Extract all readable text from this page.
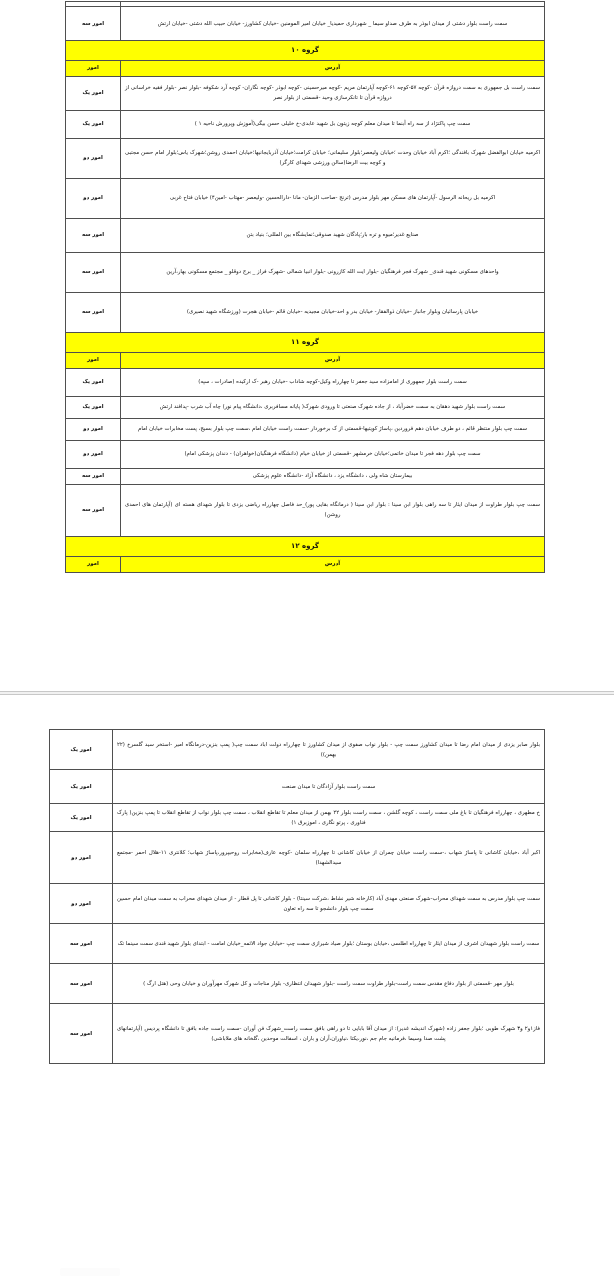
سمت راست بلوار دشتی از میدان ابوذر به طرف صداو سیما _ شهرداری حمیدیا_ خیابان امیر المومنین -خیابان کشاورز- خیابان حبیب الله دشتی -خیابان ارتش	امور سه
گروه ۱۰	
آدرس	امور
سمت راست بل جمهوری به سمت دروازه قرآن -کوچه ۵۷-کوچه ۶۱-کوچه آپارتمان مریم -کوچه میرحسینی -کوچه ابوذر -کوچه نگاران- کوچه آرد شکوفه -بلوار نصر -بلوار فقیه خراسانی از دروازه قرآن تا تانکرسازی وحید -قسمتی از بلوار نصر	امور یک
سمت چپ پاکنژاد از سه راه آبنما تا میدان معلم کوچه زیتون بل شهید عابدی-خ خلیلی حسن بیگی(آموزش وپرورش ناحیه ۱ )	امور یک
اکرمیه خیابان ابوالفضل شهرک بافندگی ؛اکرم آباد خیابان وحدت ؛خیابان ولیعصر؛بلوار سلیمانی؛ خیابان کرامت؛خیابان آذربایجانیها؛خیابان احمدی روشن؛شهرک یاس؛بلوار امام حسن مجتبی و کوچه بیت الرضا(سالن ورزشی شهدای کارگر)	امور دو
اکرمیه بل ریحانه الرسول -آپارتمان های مسکن مهر بلوار مدرس (ترنج -صاحب الزمان- مانا -دارالحسین -ولیعصر -مهتاب -امین۴) خیابان فتاح غربی	امور دو
صنایع غدیر؛میوه و تره بار؛پادگان شهید صدوقی؛نمایشگاه بین المللی؛ بنیاد بتن	امور سه
واحدهای مسکونی شهید قندی_ شهرک فجر فرهنگیان -بلوار ایت الله کازرونی -بلوار انبیا شمالی -شهرک فراز _ برج دوقلو _ مجتمع مسکونی بهار،آرین	امور سه
خیابان پارسائیان وبلوار جانباز -خیابان ذوالفقار- خیابان بدر و احد-خیابان مجیدیه -خیابان قائم -خیابان هجرت (ورزشگاه شهید نصیری)	امور سه
گروه ۱۱	
آدرس	امور
سمت راست بلوار جمهوری از امامزاده سید جعفر تا چهارراه وکیل-کوچه شاداب -خیابان رهبر -ک ارکیده (صادرات ، سپه)	امور یک
سمت راست بلوار شهید دهقان به سمت خضرآباد ، از جاده شهرک صنعتی تا ورودی شهرک( پایانه مسافربری ،دانشگاه پیام نور) چاه آب شرب -پدافند ارتش	امور یک
سمت چپ بلوار منتظر قائم ، دو طرف خیابان دهم فروردین ،پاساژ کویتیها-قسمتی از ک برخوردار -سمت راست خیابان امام ،سمت چپ بلوار بسیج، پست مخابرات خیابان امام	امور دو
سمت چپ بلوار دهه فجر تا میدان خاتمی؛خیابان خرمشهر -قسمتی از خیابان خیام (دانشگاه فرهنگیان(خواهران) - دندان پزشکی امام)	امور دو
بیمارستان شاه ولی ، دانشگاه یزد ، دانشگاه آزاد -دانشگاه علوم پزشکی	امور سه
سمت چپ بلوار طراوت از میدان ایثار تا سه راهی بلوار ابن سینا : بلوار ابن سینا ( درمانگاه بقایی پور)_حد فاصل چهارراه ریاضی یزدی تا بلوار شهدای هسته ای (آپارتمان های احمدی روشن)	امور سه
گروه ۱۲	
آدرس	امور
بلوار صابر یزدی از میدان امام رضا تا میدان کشاورز سمت چپ - بلوار نواب صفوی از میدان کشاورز تا چهارراه دولت اباد سمت چپ( پمپ بنزین-درمانگاه امیر -استخر سید گلسرخ (۲۲ بهمن))	امور یک
سمت راست بلوار آزادگان تا میدان صنعت	امور یک
خ مطهری ، چهارراه فرهنگیان تا باغ ملی سمت راست ، کوچه گلشن ، سمت راست بلوار ۲۲ بهمن از میدان معلم تا تقاطع انقلاب ، سمت چپ بلوار نواب از تقاطع انقلاب تا پمپ بنزین( پارک فناوری ، پرتو نگاری ، اموزبرق ۱)	امور یک
اکبر آباد ،خیابان کاشانی تا پاساژ شهاب ،-سمت راست خیابان چمران از خیابان کاشانی تا چهارراه سلمان -کوچه عارف(مخابرات روحیپرور،پاساژ شهاب؛ کلانتری ۱۱-هلال احمر -مجتمع سیدالشهدا)	امور دو
سمت چپ بلوار مدرس به سمت شهدای محراب-شهرک صنعتی مهدی آباد (کارخانه شیر نشاط ،شرکت سینتا) - بلوار کاشانی تا پل قطار - از میدان شهدای محراب به سمت میدان امام حسین سمت چپ بلوار دانشجو تا سه راه تعاون	امور دو
سمت راست بلوار شهیدان اشرف از میدان ایثار تا چهارراه اطلسی ،خیابان بوستان ؛بلوار صیاد شیرازی سمت چپ -خیابان جواد الائمه_خیابان امامت - ابتدای بلوار شهید قندی سمت سینما تک	امور سه
بلوار مهر -قسمتی از بلوار دفاع مقدس سمت راست-بلوار طراوت سمت راست -بلوار شهیدان انتظاری- بلوار مناجات و کل شهرک مهرآوران و خیابان وحی (هتل ارگ )	امور سه
فاز۱و۲ و۳ شهرک طوبی ؛بلوار جعفر زاده (شهرک اندیشه غدیر): از میدان آقا بابایی تا دو راهی بافق سمت راست_شهرک فن آوران -سمت راست جاده بافق تا دانشگاه پردیس (آپارتمانهای پشت صدا وسیما ،فرمانیه جام جم ،نور،یکتا ،نیاوران،آران و باران ، اسفالت موحدین ،گلخانه های ملاباشی)	امور سه
